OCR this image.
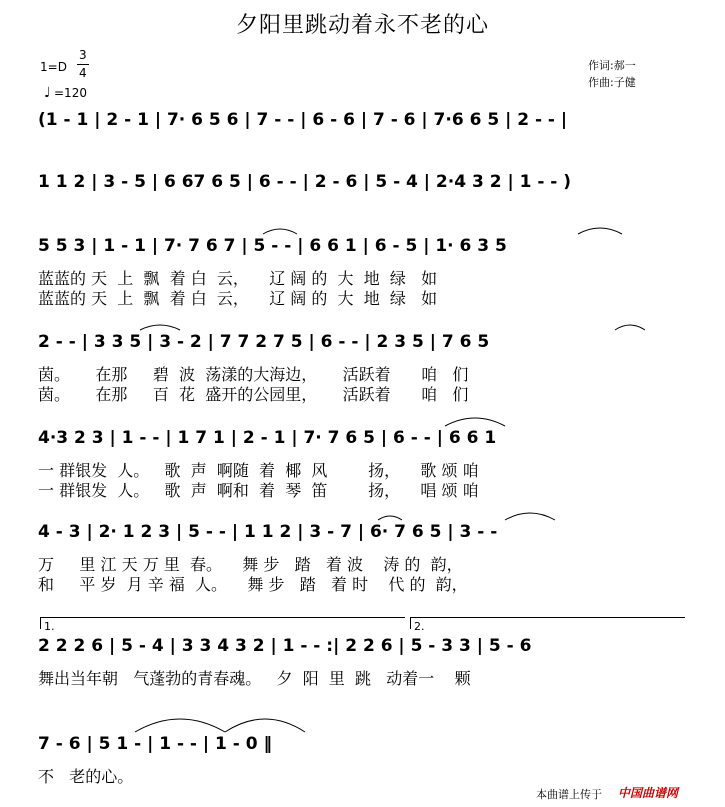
夕阳里跳动着永不老的心
1=D
3
4
♩ =120
作词:郝一
作曲:子健
(1 - 1 | 2 - 1 | 7· 6 5 6 | 7 - - | 6 - 6 | 7 - 6 | 7·6 6 5 | 2 - - |
1 1 2 | 3 - 5 | 6 67 6 5 | 6 - - | 2 - 6 | 5 - 4 | 2·4 3 2 | 1 - - )
5 5 3 | 1 - 1 | 7· 7 6 7 | 5 - - | 6 6 1 | 6 - 5 | 1· 6 3 5
蓝蓝的 天  上  飘  着 白  云，    辽 阔 的  大  地  绿   如
蓝蓝的 天  上  飘  着 白  云，    辽 阔 的  大  地  绿   如
2 - - | 3 3 5 | 3 - 2 | 7 7 2 7 5 | 6 - - | 2 3 5 | 7 6 5
茵。     在那     碧  波  荡漾的大海边，     活跃着      咱   们
茵。     在那     百  花  盛开的公园里，     活跃着      咱   们
4·3 2 3 | 1 - - | 1 7 1 | 2 - 1 | 7· 7 6 5 | 6 - - | 6 6 1
一 群银发  人。   歌  声  啊随  着  椰  风        扬，    歌 颂 咱
一 群银发  人。   歌  声  啊和  着  琴  笛        扬，    唱 颂 咱
4 - 3 | 2· 1 2 3 | 5 - - | 1 1 2 | 3 - 7 | 6· 7 6 5 | 3 - -
万     里 江 天 万 里  春。    舞 步   踏   着 波    涛 的  韵，
和     平 岁  月 辛 福  人。    舞 步   踏   着 时    代 的  韵，
1.	2.
2 2 2 6 | 5 - 4 | 3 3 4 3 2 | 1 - - :| 2 2 6 | 5 - 3 3 | 5 - 6
舞出当年朝   气蓬勃的青春魂。   夕  阳  里  跳   动着一    颗
7 - 6 | 5 1 - | 1 - - | 1 - 0 ‖
不   老的心。
本曲谱上传于 中国曲谱网
